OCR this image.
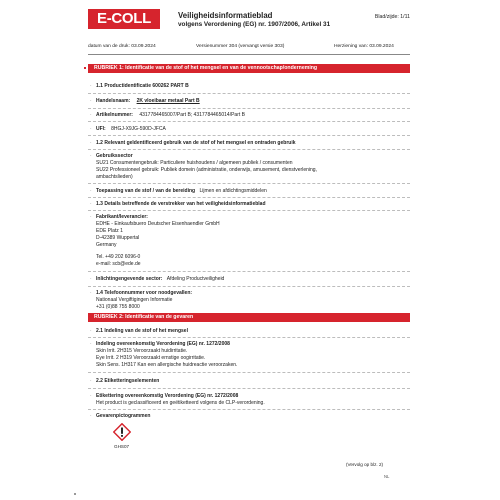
E-COLL	Veiligheidsinformatieblad
volgens Verordening (EG) nr. 1907/2006, Artikel 31
Blad/zijde: 1/11
datum van de druk: 03.09.2024	Versienummer 304 (vervangt versie 303)	Herziening van: 03.09.2024
RUBRIEK 1: Identificatie van de stof of het mengsel en van de vennootschap/onderneming
· 1.1 Productidentificatie 600262 PART B
· Handelsnaam: 2K vloeibaar metaal Part B
· Artikelnummer: 4317784465007/Part B; 4317784465014/Part B
· UFI: 8HGJ-X9JG-590D-JFCA
· 1.2 Relevant geïdentificeerd gebruik van de stof of het mengsel en ontraden gebruik
· Gebruikssector
SU21 Consumentengebruik: Particuliere huishoudens / algemeen publiek / consumenten
SU22 Professioneel gebruik: Publiek domein (administratie, onderwijs, amusement, dienstverlening,
ambachtslieden)
· Toepassing van de stof / van de bereiding Lijmen en afdichtingsmiddelen
· 1.3 Details betreffende de verstrekker van het veiligheidsinformatieblad
· Fabrikant/leverancier:
EDHE - Einkaufsbuero Deutscher Eisenhaendler GmbH
EDE Platz 1
D-42389 Wuppertal
Germany
Tel. +49 202 6096-0
e-mail: scb@ede.de
· Inlichtingengevende sector: Afdeling Productveiligheid
· 1.4 Telefoonnummer voor noodgevallen:
Nationaal Vergiftigingen Informatie
+31 (0)88 755 8000
RUBRIEK 2: Identificatie van de gevaren
· 2.1 Indeling van de stof of het mengsel
· Indeling overeenkomstig Verordening (EG) nr. 1272/2008
Skin Irrit. 2 H315 Veroorzaakt huidirritatie.
Eye Irrit. 2 H319 Veroorzaakt ernstige oogirritatie.
Skin Sens. 1 H317 Kan een allergische huidreactie veroorzaken.
· 2.2 Etiketteringselementen
· Etikettering overeenkomstig Verordening (EG) nr. 1272/2008
Het product is geclassificeerd en geëtiketteerd volgens de CLP-verordening.
· Gevarenpictogrammen
GHS07
(Vervolg op blz. 2)
NL
